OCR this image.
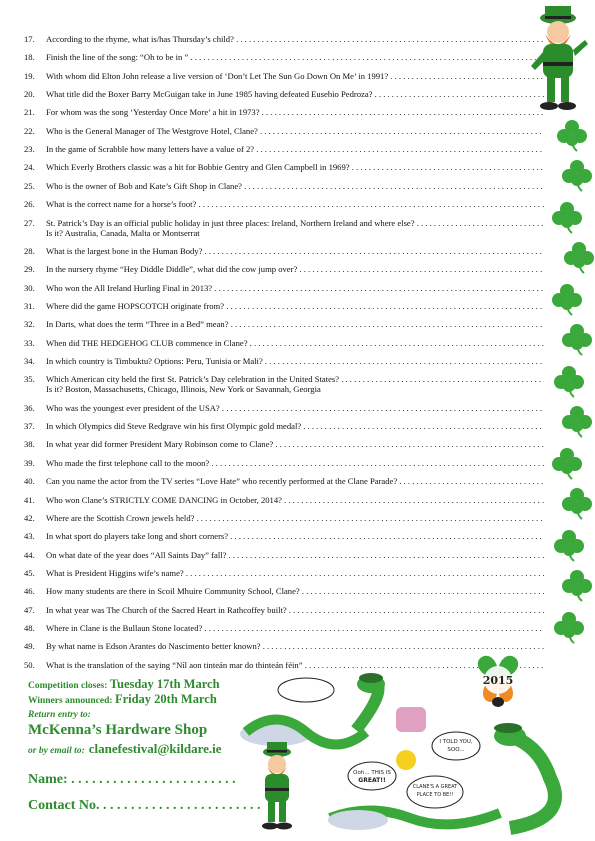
17.	According to the rhyme, what is/has Thursday’s child? . . .
18.	Finish the line of the song: “Oh to be in ” . . .
19.	With whom did Elton John release a live version of ‘Don’t Let The Sun Go Down On Me’ in 1991? . . .
20.	What title did the Boxer Barry McGuigan take in June 1985 having defeated Eusebio Pedroza? . . .
21.	For whom was the song ‘Yesterday Once More’ a hit in 1973? . . .
22.	Who is the General Manager of The Westgrove Hotel, Clane? . . .
23.	In the game of Scrabble how many letters have a value of 2? . . .
24.	Which Everly Brothers classic was a hit for Bobbie Gentry and Glen Campbell in 1969? . . .
25.	Who is the owner of Bob and Kate’s Gift Shop in Clane? . . .
26.	What is the correct name for a horse’s foot? . . .
27.	St. Patrick’s Day is an official public holiday in just three places: Ireland, Northern Ireland and where else? . . .
Is it? Australia, Canada, Malta or Montserrat
28.	What is the largest bone in the Human Body? . . .
29.	In the nursery rhyme “Hey Diddle Diddle”, what did the cow jump over? . . .
30.	Who won the All Ireland Hurling Final in 2013? . . .
31.	Where did the game HOPSCOTCH originate from? . . .
32.	In Darts, what does the term “Three in a Bed” mean? . . .
33.	When did THE HEDGEHOG CLUB commence in Clane? . . .
34.	In which country is Timbuktu? Options: Peru, Tunisia or Mali? . . .
35.	Which American city held the first St. Patrick’s Day celebration in the United States? . . .
Is it? Boston, Massachusetts, Chicago, Illinois, New York or Savannah, Georgia
36.	Who was the youngest ever president of the USA? . . .
37.	In which Olympics did Steve Redgrave win his first Olympic gold medal? . . .
38.	In what year did former President Mary Robinson come to Clane? . . .
39.	Who made the first telephone call to the moon? . . .
40.	Can you name the actor from the TV series “Love Hate” who recently performed at the Clane Parade? . . .
41.	Who won Clane’s STRICTLY COME DANCING in October, 2014? . . .
42.	Where are the Scottish Crown jewels held? . . .
43.	In what sport do players take long and short corners? . . .
44.	On what date of the year does “All Saints Day” fall? . . .
45.	What is President Higgins wife’s name? . . .
46.	How many students are there in Scoil Mhuire Community School, Clane? . . .
47.	In what year was The Church of the Sacred Heart in Rathcoffey built? . . .
48.	Where in Clane is the Bullaun Stone located? . . .
49.	By what name is Edson Arantes do Nascimento better known? . . .
50.	What is the translation of the saying “Níl aon tinteán mar do thinteán féin” . . .
Competition closes: Tuesday 17th March
Winners announced: Friday 20th March
Return entry to:
McKenna’s Hardware Shop
or by email to: clanefestival@kildare.ie
Name: . . . . . . . . . . . . . . . . . . . . . . . .
Contact No. . . . . . . . . . . . . . . . . . . . . . . .
2015
I TOLD YOU,
SOO...
Ooh... THIS IS
GREAT!!
CLANE'S A GREAT
PLACE TO BE!!
